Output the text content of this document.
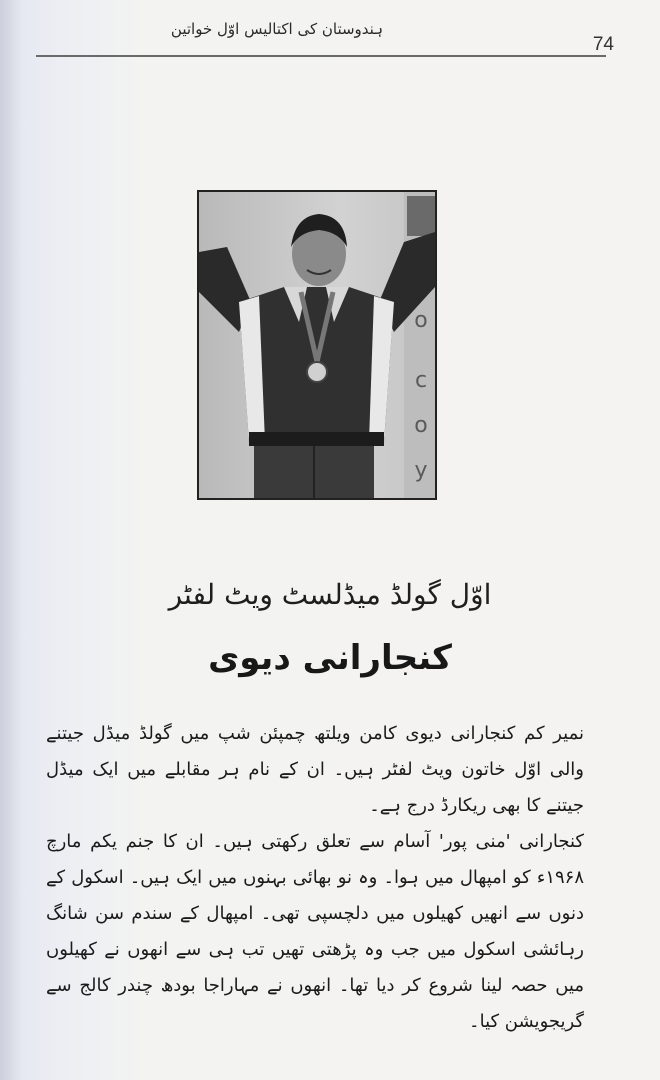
ہندوستان کی اکتالیس اوّل خواتین
74
o
c
o
y
اوّل گولڈ میڈلسٹ ویٹ لفٹر
کنجارانی دیوی

نمیر کم کنجارانی دیوی کامن ویلتھ چمپئن شپ میں گولڈ میڈل جیتنے والی اوّل خاتون ویٹ لفٹر ہیں۔ ان کے نام ہر مقابلے میں ایک میڈل جیتنے کا بھی ریکارڈ درج ہے۔

کنجارانی 'منی پور' آسام سے تعلق رکھتی ہیں۔ ان کا جنم یکم مارچ ۱۹۶۸ء کو امپھال میں ہوا۔ وہ نو بھائی بہنوں میں ایک ہیں۔ اسکول کے دنوں سے انھیں کھیلوں میں دلچسپی تھی۔ امپھال کے سندم سن شانگ رہائشی اسکول میں جب وہ پڑھتی تھیں تب ہی سے انھوں نے کھیلوں میں حصہ لینا شروع کر دیا تھا۔ انھوں نے مہاراجا بودھ چندر کالج سے گریجویشن کیا۔
